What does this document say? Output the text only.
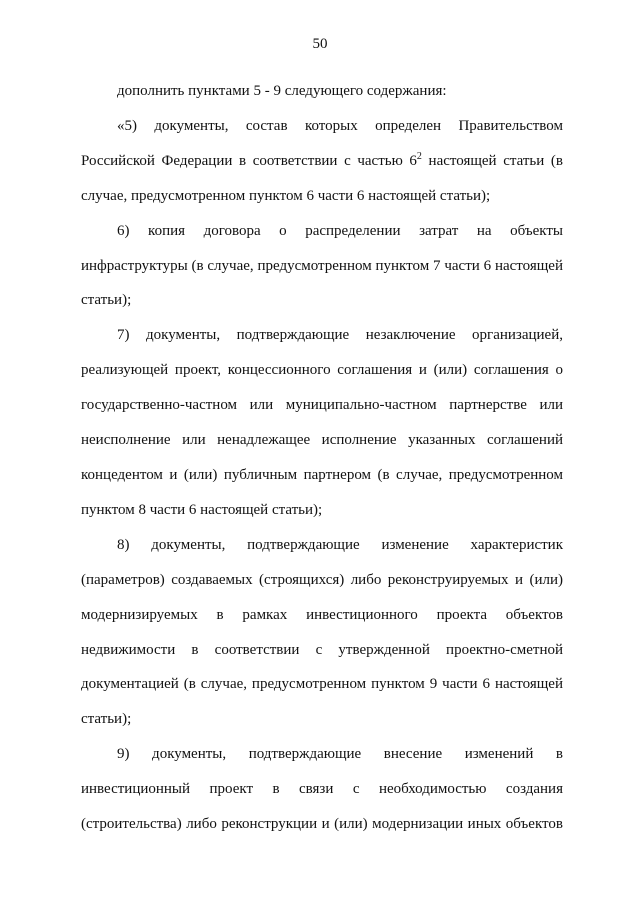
50

дополнить пунктами 5 - 9 следующего содержания:

«5) документы, состав которых определен Правительством Российской Федерации в соответствии с частью $6^2$ настоящей статьи (в случае, предусмотренном пунктом 6 части 6 настоящей статьи);

6) копия договора о распределении затрат на объекты инфраструктуры (в случае, предусмотренном пунктом 7 части 6 настоящей статьи);

7) документы, подтверждающие незаключение организацией, реализующей проект, концессионного соглашения и (или) соглашения о государственно-частном или муниципально-частном партнерстве или неисполнение или ненадлежащее исполнение указанных соглашений концедентом и (или) публичным партнером (в случае, предусмотренном пунктом 8 части 6 настоящей статьи);

8) документы, подтверждающие изменение характеристик (параметров) создаваемых (строящихся) либо реконструируемых и (или) модернизируемых в рамках инвестиционного проекта объектов недвижимости в соответствии с утвержденной проектно-сметной документацией (в случае, предусмотренном пунктом 9 части 6 настоящей статьи);

9) документы, подтверждающие внесение изменений в инвестиционный проект в связи с необходимостью создания (строительства) либо реконструкции и (или) модернизации иных объектов
